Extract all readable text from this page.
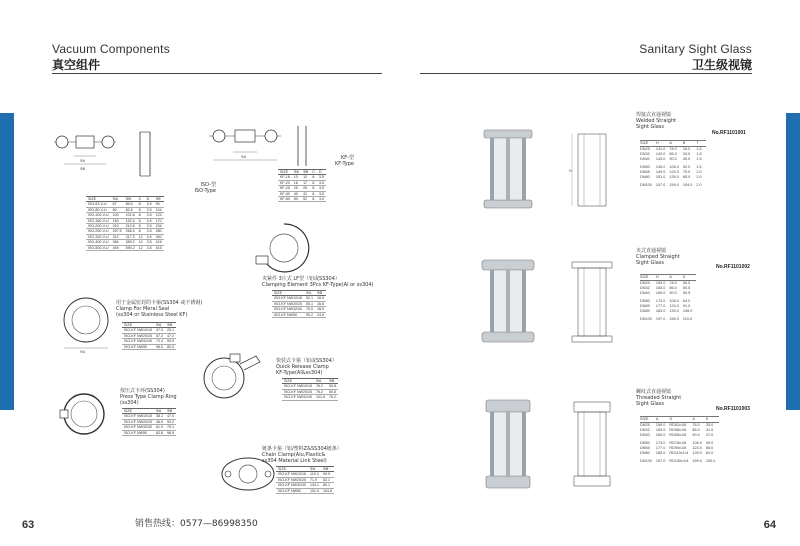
Vacuum Components
真空组件
Sanitary Sight Glass
卫生级视镜
63	64
销售热线：0577—86998350
ΦA
ΦB
ΦA
ΦA
ISO-型
ISO-Type
KF-型
KF-Type
夹紧件 3片式 LF型（铝或SS304）
Clamping Element 3Pcs KF-Type(Al or ss304)
用于金属密封的卡箍(SS304 或不锈钢)
Clamp For Meral Seal
(ss304 or Stainless Steel KF)
快装式卡箍（铝或SS304）
Quick Release Clamp
KF-Type(Al&ss304)
按压式卡环(SS304)
Press Type Clamp Ring
(ss304)
链条卡箍（铝/塑料Z&SS304链条）
Chain Clamp(Alu,Plastic&
ss304 Material Link Steel)
SIZE	ΦA	ΦB	C	D	ΦE
ISO-63-V-U	67	85.6	8	3.5	95
ISO-80-V-U	80	82.6	8	3.5	104
ISO-100-V-U	100	101.6	8	3.5	123
ISO-160-V-U	150	152.4	8	3.5	170
ISO-200-V-U	210	212.6	8	3.5	234
ISO-250-V-U	257.5	268.4	8	3.5	280
ISO-320-V-U	312	317.3	12	3.5	340
ISO-400-V-U	384	389.2	12	3.5	416
ISO-500-V-U	494	590.2	12	3.5	516
SIZE	ΦA	ΦB	C	D
KF-16	10	12	8	3.5
KF-20	16	17	8	3.5
KF-25	25	26	8	3.5
KF-40	40	41	8	3.5
KF-50	50	52	8	3.5
SIZE	ΦA	ΦB
ISO-KF NW10/16	52.1	18.9
ISO-KF NW20/25	55.1	16.6
ISO-KF NW32/40	70.0	18.9
ISO-KF NW50	95.2	24.9
SIZE	ΦA	ΦB
ISO-KF NW10/16	47.0	25.1
ISO-KF NW20/25	57.2	47.2
ISO-KF NW32/40	72.4	59.9
ISO-KF NW50	96.0	80.0
SIZE	ΦA	ΦB
ISO-KF NW10/16	76.2	50.8
ISO-KF NW20/25	76.2	50.8
ISO-KF NW32/40	101.6	76.2
SIZE	ΦA	ΦB
ISO-KF NW10/16	38.1	47.0
ISO-KF NW20/25	46.9	53.2
ISO-KF NW32/40	61.9	75.1
ISO-KF NW50	82.8	98.9
SIZE	ΦA	ΦB
ISO-KF NW10/16	115.3	99.9
ISO-KF NW20/25	71.9	52.1
ISO-KF NW32/40	134.1	80.1
ISO-KF NW50	151.9	104.8
H
焊接式直通视镜
Welded Straight
Sight Glass
No.RF1101001
夹式直通视镜
Clamped Straight
Sight Glass
No.RF1101002
螺纹式直通视镜
Threaded Straight
Sight Glass
No.RF1101003
SIZE	H	A	B	T
DN25	141.0	78.0	28.0	1.5
DN32	143.0	86.0	34.0	1.5
DN40	143.0	90.0	40.0	1.5

DN50	145.0	106.0	52.0	1.5
DN65	149.0	124.0	70.0	2.0
DN80	151.0	139.0	85.0	2.0

DN100	157.0	159.0	104.0	2.0
SIZE	H	A	K
DN25	159.0	78.0	50.5
DN32	163.0	86.0	50.5
DN40	169.0	90.0	50.5

DN50	173.0	106.0	64.0
DN65	177.0	124.0	91.0
DN80	183.0	139.0	106.0

DN100	197.0	159.0	119.0
SIZE	A	G	A	K
DN25	159.0	RD52x1/6	78.0	25.0
DN32	163.0	RD58x1/6	86.0	31.0
DN40	169.0	RD65x1/6	90.0	37.0

DN50	173.0	RD78x1/6	106.0	49.0
DN65	177.0	RD95x1/6	124.0	66.0
DN80	183.0	RD110x1/4	139.0	81.0

DN100	197.0	RD130x1/4	159.0	100.0
